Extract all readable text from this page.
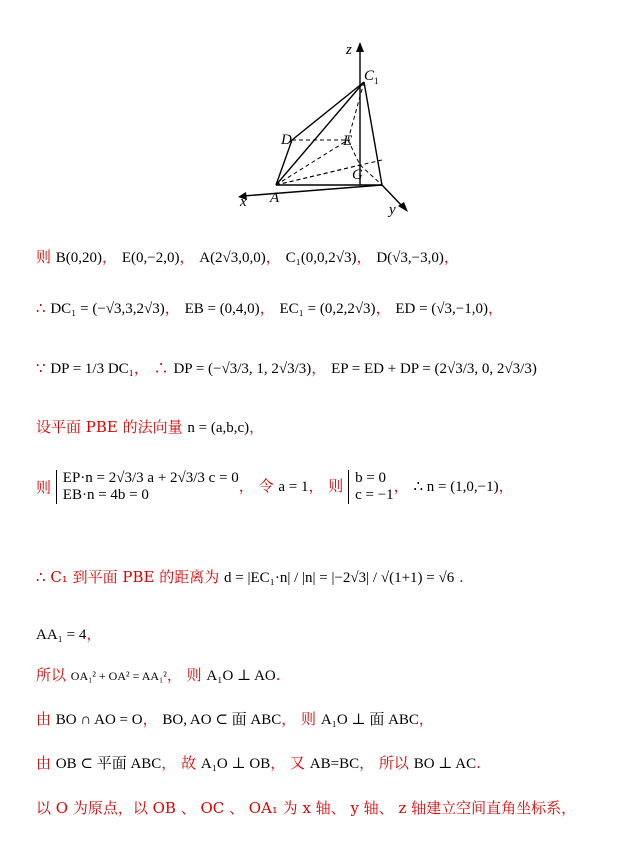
z
$C_1$
D	E
G
A
x	y
则 B(0,20)， E(0,−2,0)， A(2√3,0,0)， C₁(0,0,2√3)， D(√3,−3,0)，
∴ DC₁ = (−√3,3,2√3)， EB = (0,4,0)， EC₁ = (0,2,2√3)， ED = (√3,−1,0)，
∵ DP = 1/3 DC₁， ∴ DP = (−√3/3, 1, 2√3/3)， EP = ED + DP = (2√3/3, 0, 2√3/3)
设平面 PBE 的法向量 n = (a,b,c)，
则
EP·n = 2√3/3 a + 2√3/3 c = 0
EB·n = 4b = 0	， 令 a = 1， 则 b = 0
c = −1 ， ∴ n = (1,0,−1)，
∴ C₁ 到平面 PBE 的距离为 d = |EC₁·n| / |n| = |−2√3| / √(1+1) = √6 .
AA₁ = 4，
所以 OA₁² + OA² = AA₁²， 则 A₁O ⊥ AO.
由 BO ∩ AO = O， BO, AO ⊂ 面 ABC， 则 A₁O ⊥ 面 ABC，
由 OB ⊂ 平面 ABC， 故 A₁O ⊥ OB， 又 AB=BC， 所以 BO ⊥ AC.
以 O 为原点，以 OB 、 OC 、 OA₁ 为 x 轴、 y 轴、 z 轴建立空间直角坐标系，
